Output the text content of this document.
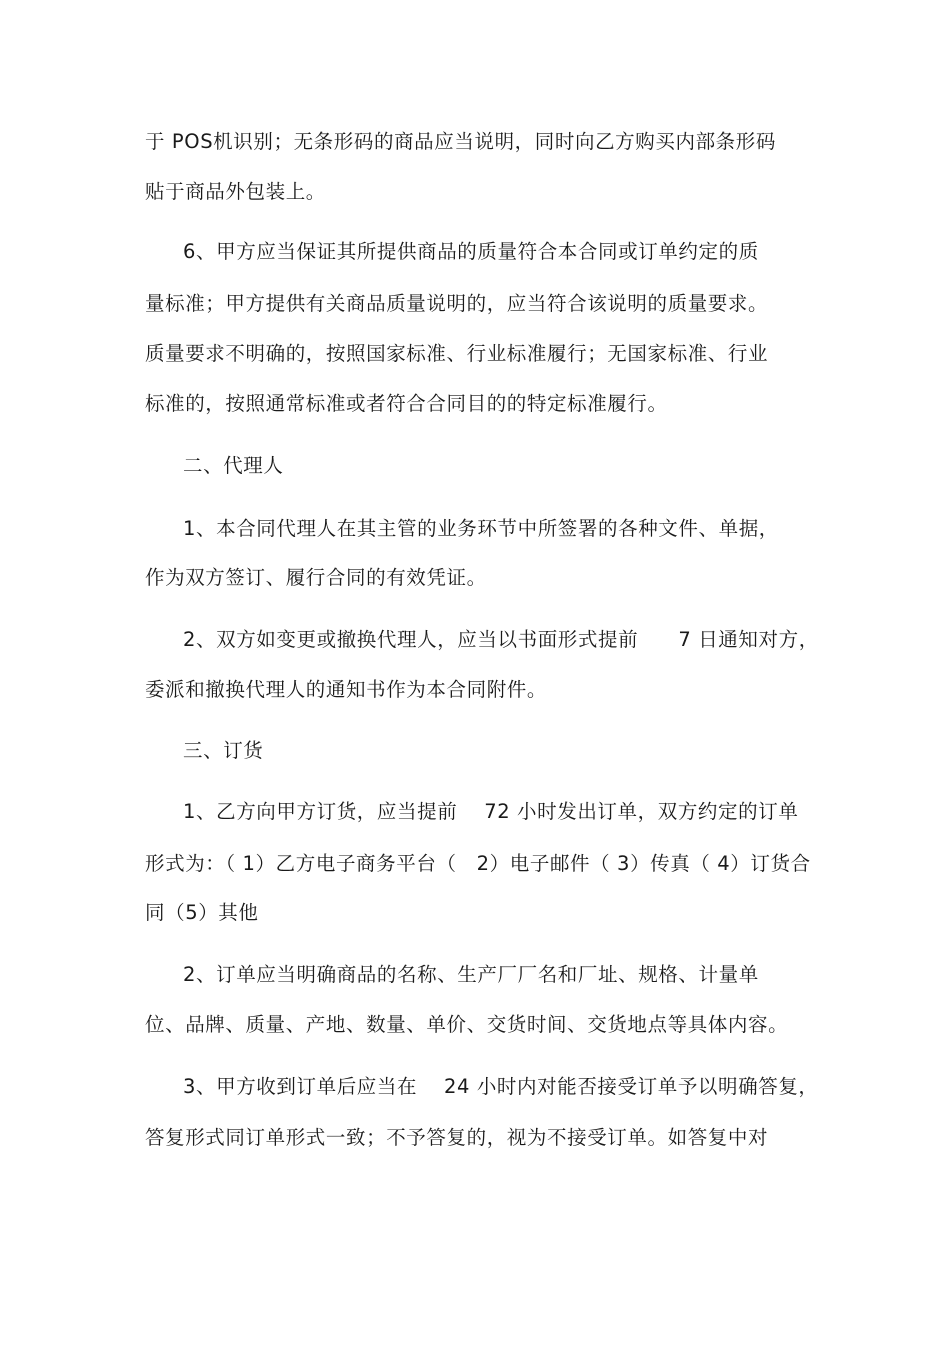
于 POS机识别；无条形码的商品应当说明，同时向乙方购买内部条形码
贴于商品外包装上。
6、甲方应当保证其所提供商品的质量符合本合同或订单约定的质
量标准；甲方提供有关商品质量说明的，应当符合该说明的质量要求。
质量要求不明确的，按照国家标准、行业标准履行；无国家标准、行业
标准的，按照通常标准或者符合合同目的的特定标准履行。
二、代理人
1、本合同代理人在其主管的业务环节中所签署的各种文件、单据，
作为双方签订、履行合同的有效凭证。
2、双方如变更或撤换代理人，应当以书面形式提前　　7 日通知对方，
委派和撤换代理人的通知书作为本合同附件。
三、订货
1、乙方向甲方订货，应当提前　 72 小时发出订单，双方约定的订单
形式为：（ 1）乙方电子商务平台（　2）电子邮件（ 3）传真（ 4）订货合
同（5）其他
2、订单应当明确商品的名称、生产厂厂名和厂址、规格、计量单
位、品牌、质量、产地、数量、单价、交货时间、交货地点等具体内容。
3、甲方收到订单后应当在　 24 小时内对能否接受订单予以明确答复，
答复形式同订单形式一致；不予答复的，视为不接受订单。如答复中对
